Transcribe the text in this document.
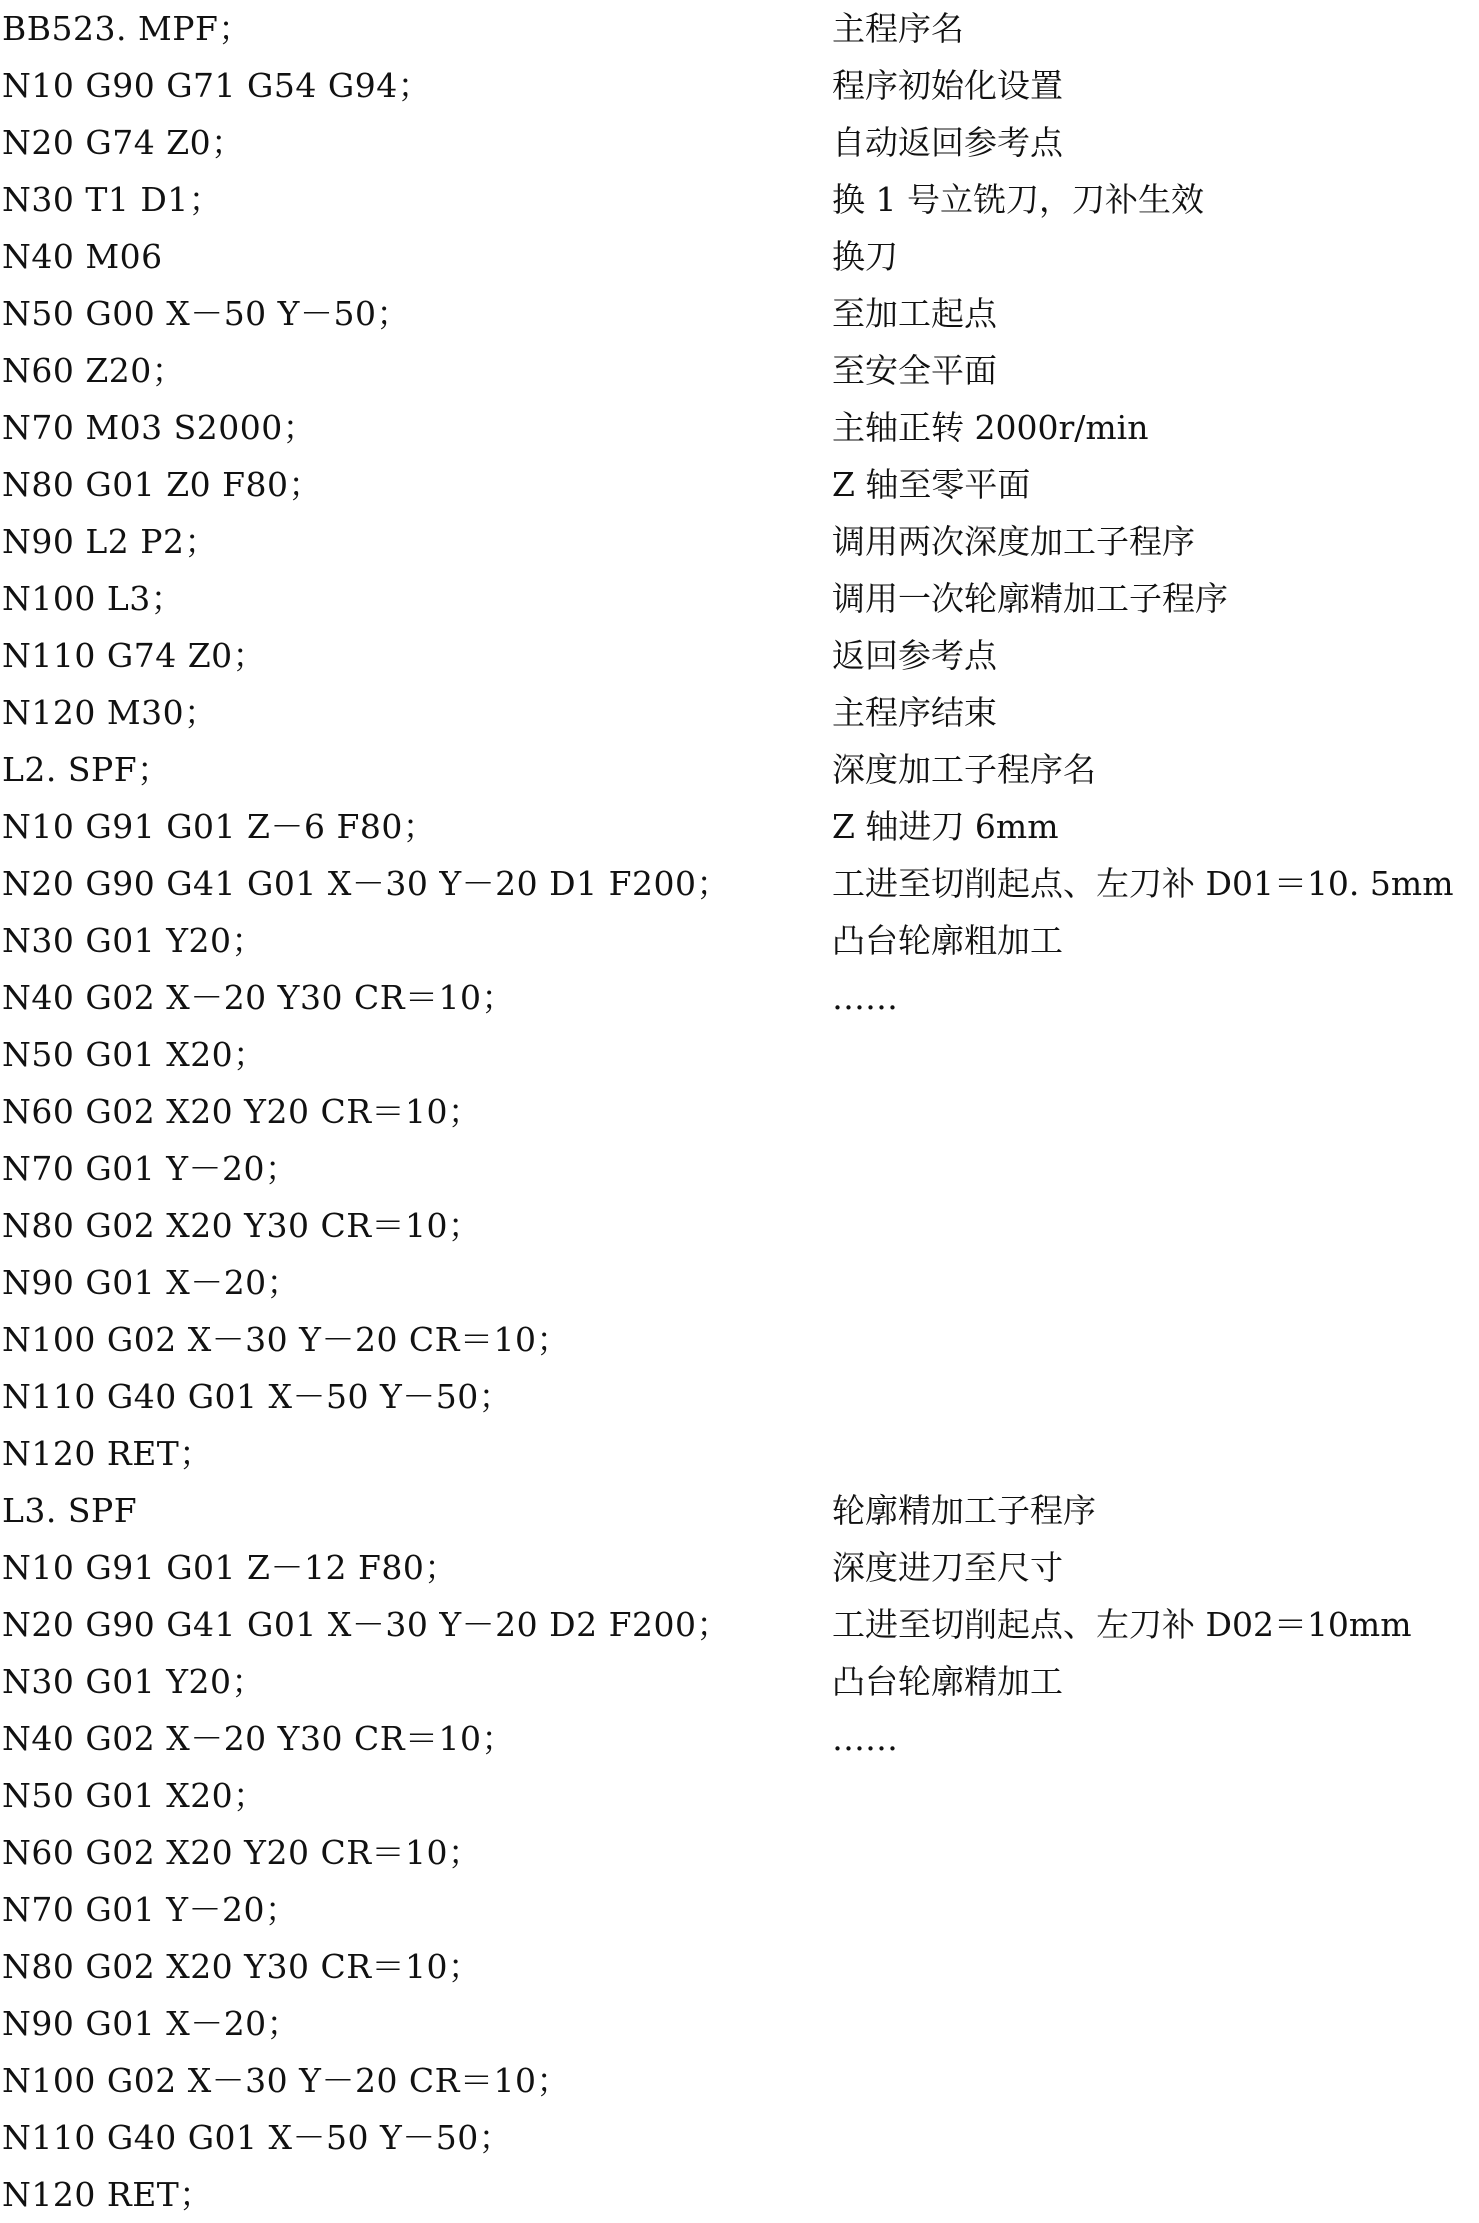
BB523. MPF；	主程序名
N10 G90 G71 G54 G94；	程序初始化设置
N20 G74 Z0；	自动返回参考点
N30 T1 D1；	换 1 号立铣刀，刀补生效
N40 M06	换刀
N50 G00 X－50 Y－50；	至加工起点
N60 Z20；	至安全平面
N70 M03 S2000；	主轴正转 2000r/min
N80 G01 Z0 F80；	Z 轴至零平面
N90 L2 P2；	调用两次深度加工子程序
N100 L3；	调用一次轮廓精加工子程序
N110 G74 Z0；	返回参考点
N120 M30；	主程序结束
L2. SPF；	深度加工子程序名
N10 G91 G01 Z－6 F80；	Z 轴进刀 6mm
N20 G90 G41 G01 X－30 Y－20 D1 F200；	工进至切削起点、左刀补 D01＝10. 5mm
N30 G01 Y20；	凸台轮廓粗加工
N40 G02 X－20 Y30 CR＝10；	……
N50 G01 X20；
N60 G02 X20 Y20 CR＝10；
N70 G01 Y－20；
N80 G02 X20 Y30 CR＝10；
N90 G01 X－20；
N100 G02 X－30 Y－20 CR＝10；
N110 G40 G01 X－50 Y－50；
N120 RET；
L3. SPF	轮廓精加工子程序
N10 G91 G01 Z－12 F80；	深度进刀至尺寸
N20 G90 G41 G01 X－30 Y－20 D2 F200；	工进至切削起点、左刀补 D02＝10mm
N30 G01 Y20；	凸台轮廓精加工
N40 G02 X－20 Y30 CR＝10；	……
N50 G01 X20；
N60 G02 X20 Y20 CR＝10；
N70 G01 Y－20；
N80 G02 X20 Y30 CR＝10；
N90 G01 X－20；
N100 G02 X－30 Y－20 CR＝10；
N110 G40 G01 X－50 Y－50；
N120 RET；
